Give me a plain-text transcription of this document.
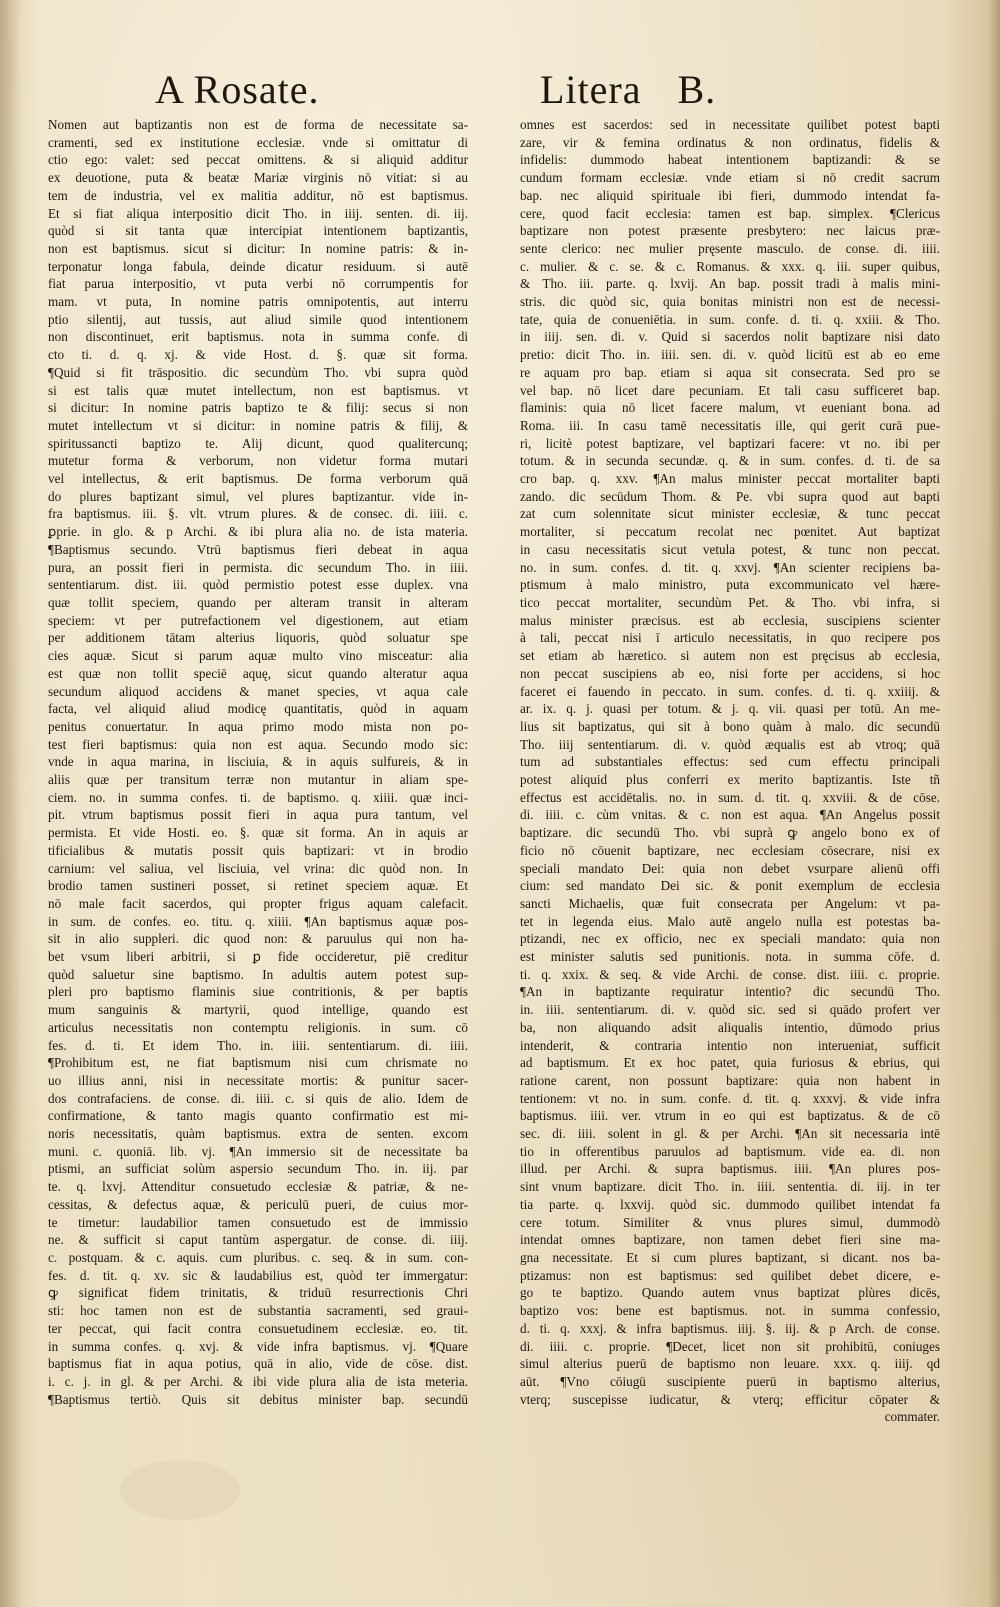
A Rosate.	Litera B.
Nomen aut baptizantis non est de forma de necessitate sa-
cramenti, sed ex institutione ecclesiæ. vnde si omittatur di
ctio ego: valet: sed peccat omittens. & si aliquid additur
ex deuotione, puta & beatæ Mariæ virginis nō vitiat: si au
tem de industria, vel ex malitia additur, nō est baptismus.
Et si fiat aliqua interpositio dicit Tho. in iiij. senten. di. iij.
quòd si sit tanta quæ intercipiat intentionem baptizantis,
non est baptismus. sicut si dicitur: In nomine patris: & in-
terponatur longa fabula, deinde dicatur residuum. si autē
fiat parua interpositio, vt puta verbi nō corrumpentis for
mam. vt puta, In nomine patris omnipotentis, aut interru
ptio silentij, aut tussis, aut aliud simile quod intentionem
non discontinuet, erit baptismus. nota in summa confe. di
cto ti. d. q. xj. & vide Host. d. §. quæ sit forma.
¶Quid si fit trāspositio. dic secundùm Tho. vbi supra quòd
si est talis quæ mutet intellectum, non est baptismus. vt
si dicitur: In nomine patris baptizo te & filij: secus si non
mutet intellectum vt si dicitur: in nomine patris & filij, &
spiritussancti baptizo te. Alij dicunt, quod qualitercunq;
mutetur forma & verborum, non videtur forma mutari
vel intellectus, & erit baptismus. De forma verborum quā
do plures baptizant simul, vel plures baptizantur. vide in-
fra baptismus. iii. §. vlt. vtrum plures. & de consec. di. iiii. c.
ꝑprie. in glo. & p Archi. & ibi plura alia no. de ista materia.
¶Baptismus secundo. Vtrū baptismus fieri debeat in aqua
pura, an possit fieri in permista. dic secundum Tho. in iiii.
sententiarum. dist. iii. quòd permistio potest esse duplex. vna
quæ tollit speciem, quando per alteram transit in alteram
speciem: vt per putrefactionem vel digestionem, aut etiam
per additionem tātam alterius liquoris, quòd soluatur spe
cies aquæ. Sicut si parum aquæ multo vino misceatur: alia
est quæ non tollit speciē aquę, sicut quando alteratur aqua
secundum aliquod accidens & manet species, vt aqua cale
facta, vel aliquid aliud modicę quantitatis, quòd in aquam
penitus conuertatur. In aqua primo modo mista non po-
test fieri baptismus: quia non est aqua. Secundo modo sic:
vnde in aqua marina, in lisciuia, & in aquis sulfureis, & in
aliis quæ per transitum terræ non mutantur in aliam spe-
ciem. no. in summa confes. ti. de baptismo. q. xiiii. quæ inci-
pit. vtrum baptismus possit fieri in aqua pura tantum, vel
permista. Et vide Hosti. eo. §. quæ sit forma. An in aquis ar
tificialibus & mutatis possit quis baptizari: vt in brodio
carnium: vel saliua, vel lisciuia, vel vrina: dic quòd non. In
brodio tamen sustineri posset, si retinet speciem aquæ. Et
nō male facit sacerdos, qui propter frigus aquam calefacit.
in sum. de confes. eo. titu. q. xiiii. ¶An baptismus aquæ pos-
sit in alio suppleri. dic quod non: & paruulus qui non ha-
bet vsum liberi arbitrii, si ꝑ fide occideretur, piē creditur
quòd saluetur sine baptismo. In adultis autem potest sup-
pleri pro baptismo flaminis siue contritionis, & per baptis
mum sanguinis & martyrii, quod intellige, quando est
articulus necessitatis non contemptu religionis. in sum. cō
fes. d. ti. Et idem Tho. in. iiii. sententiarum. di. iiii.
¶Prohibitum est, ne fiat baptismum nisi cum chrismate no
uo illius anni, nisi in necessitate mortis: & punitur sacer-
dos contrafaciens. de conse. di. iiii. c. si quis de alio. Idem de
confirmatione, & tanto magis quanto confirmatio est mi-
noris necessitatis, quàm baptismus. extra de senten. excom
muni. c. quoniā. lib. vj. ¶An immersio sit de necessitate ba
ptismi, an sufficiat solùm aspersio secundum Tho. in. iij. par
te. q. lxvj. Attenditur consuetudo ecclesiæ & patriæ, & ne-
cessitas, & defectus aquæ, & periculū pueri, de cuius mor-
te timetur: laudabilior tamen consuetudo est de immissio
ne. & sufficit si caput tantùm aspergatur. de conse. di. iiij.
c. postquam. & c. aquis. cum pluribus. c. seq. & in sum. con-
fes. d. tit. q. xv. sic & laudabilius est, quòd ter immergatur:
ꝙ significat fidem trinitatis, & triduū resurrectionis Chri
sti: hoc tamen non est de substantia sacramenti, sed graui-
ter peccat, qui facit contra consuetudinem ecclesiæ. eo. tit.
in summa confes. q. xvj. & vide infra baptismus. vj. ¶Quare
baptismus fiat in aqua potius, quā in alio, vide de cōse. dist.
i. c. j. in gl. & per Archi. & ibi vide plura alia de ista meteria.
¶Baptismus tertiò. Quis sit debitus minister bap. secundū
omnes est sacerdos: sed in necessitate quilibet potest bapti
zare, vir & femina ordinatus & non ordinatus, fidelis &
infidelis: dummodo habeat intentionem baptizandi: & se
cundum formam ecclesiæ. vnde etiam si nō credit sacrum
bap. nec aliquid spirituale ibi fieri, dummodo intendat fa-
cere, quod facit ecclesia: tamen est bap. simplex. ¶Clericus
baptizare non potest præsente presbytero: nec laicus præ-
sente clerico: nec mulier pręsente masculo. de conse. di. iiii.
c. mulier. & c. se. & c. Romanus. & xxx. q. iii. super quibus,
& Tho. iii. parte. q. lxvij. An bap. possit tradi à malis mini-
stris. dic quòd sic, quia bonitas ministri non est de necessi-
tate, quia de conueniētia. in sum. confe. d. ti. q. xxiii. & Tho.
in iiij. sen. di. v. Quid si sacerdos nolit baptizare nisi dato
pretio: dicit Tho. in. iiii. sen. di. v. quòd licitū est ab eo eme
re aquam pro bap. etiam si aqua sit consecrata. Sed pro se
vel bap. nō licet dare pecuniam. Et tali casu sufficeret bap.
flaminis: quia nō licet facere malum, vt eueniant bona. ad
Roma. iii. In casu tamē necessitatis ille, qui gerit curā pue-
ri, licitè potest baptizare, vel baptizari facere: vt no. ibi per
totum. & in secunda secundæ. q. & in sum. confes. d. ti. de sa
cro bap. q. xxv. ¶An malus minister peccat mortaliter bapti
zando. dic secūdum Thom. & Pe. vbi supra quod aut bapti
zat cum solennitate sicut minister ecclesiæ, & tunc peccat
mortaliter, si peccatum recolat nec pœnitet. Aut baptizat
in casu necessitatis sicut vetula potest, & tunc non peccat.
no. in sum. confes. d. tit. q. xxvj. ¶An scienter recipiens ba-
ptismum à malo ministro, puta excommunicato vel hære-
tico peccat mortaliter, secundùm Pet. & Tho. vbi infra, si
malus minister præcisus. est ab ecclesia, suscipiens scienter
à tali, peccat nisi ī articulo necessitatis, in quo recipere pos
set etiam ab hæretico. si autem non est pręcisus ab ecclesia,
non peccat suscipiens ab eo, nisi forte per accidens, si hoc
faceret ei fauendo in peccato. in sum. confes. d. ti. q. xxiiij. &
ar. ix. q. j. quasi per totum. & j. q. vii. quasi per totū. An me-
lius sit baptizatus, qui sit à bono quàm à malo. dic secundū
Tho. iiij sententiarum. di. v. quòd æqualis est ab vtroq; quā
tum ad substantiales effectus: sed cum effectu principali
potest aliquid plus conferri ex merito baptizantis. Iste tñ
effectus est accidētalis. no. in sum. d. tit. q. xxviii. & de cōse.
di. iiii. c. cùm vnitas. & c. non est aqua. ¶An Angelus possit
baptizare. dic secundū Tho. vbi suprà ꝙ angelo bono ex of
ficio nō cōuenit baptizare, nec ecclesiam cōsecrare, nisi ex
speciali mandato Dei: quia non debet vsurpare alienū offi
cium: sed mandato Dei sic. & ponit exemplum de ecclesia
sancti Michaelis, quæ fuit consecrata per Angelum: vt pa-
tet in legenda eius. Malo autē angelo nulla est potestas ba-
ptizandi, nec ex officio, nec ex speciali mandato: quia non
est minister salutis sed punitionis. nota. in summa cōfe. d.
ti. q. xxix. & seq. & vide Archi. de conse. dist. iiii. c. proprie.
¶An in baptizante requiratur intentio? dic secundū Tho.
in. iiii. sententiarum. di. v. quòd sic. sed si quādo profert ver
ba, non aliquando adsit aliqualis intentio, dūmodo prius
intenderit, & contraria intentio non interueniat, sufficit
ad baptismum. Et ex hoc patet, quia furiosus & ebrius, qui
ratione carent, non possunt baptizare: quia non habent in
tentionem: vt no. in sum. confe. d. tit. q. xxxvj. & vide infra
baptismus. iiii. ver. vtrum in eo qui est baptizatus. & de cō
sec. di. iiii. solent in gl. & per Archi. ¶An sit necessaria intē
tio in offerentibus paruulos ad baptismum. vide ea. di. non
illud. per Archi. & supra baptismus. iiii. ¶An plures pos-
sint vnum baptizare. dicit Tho. in. iiii. sententia. di. iij. in ter
tia parte. q. lxxvij. quòd sic. dummodo quilibet intendat fa
cere totum. Similiter & vnus plures simul, dummodò
intendat omnes baptizare, non tamen debet fieri sine ma-
gna necessitate. Et si cum plures baptizant, si dicant. nos ba-
ptizamus: non est baptismus: sed quilibet debet dicere, e-
go te baptizo. Quando autem vnus baptizat plùres dicēs,
baptizo vos: bene est baptismus. not. in summa confessio,
d. ti. q. xxxj. & infra baptismus. iiij. §. iij. & p Arch. de conse.
di. iiii. c. proprie. ¶Decet, licet non sit prohibitū, coniuges
simul alterius puerū de baptismo non leuare. xxx. q. iiij. qd
aūt. ¶Vno cōiugū suscipiente puerū in baptismo alterius,
vterq; suscepisse iudicatur, & vterq; efficitur cōpater &
commater.
